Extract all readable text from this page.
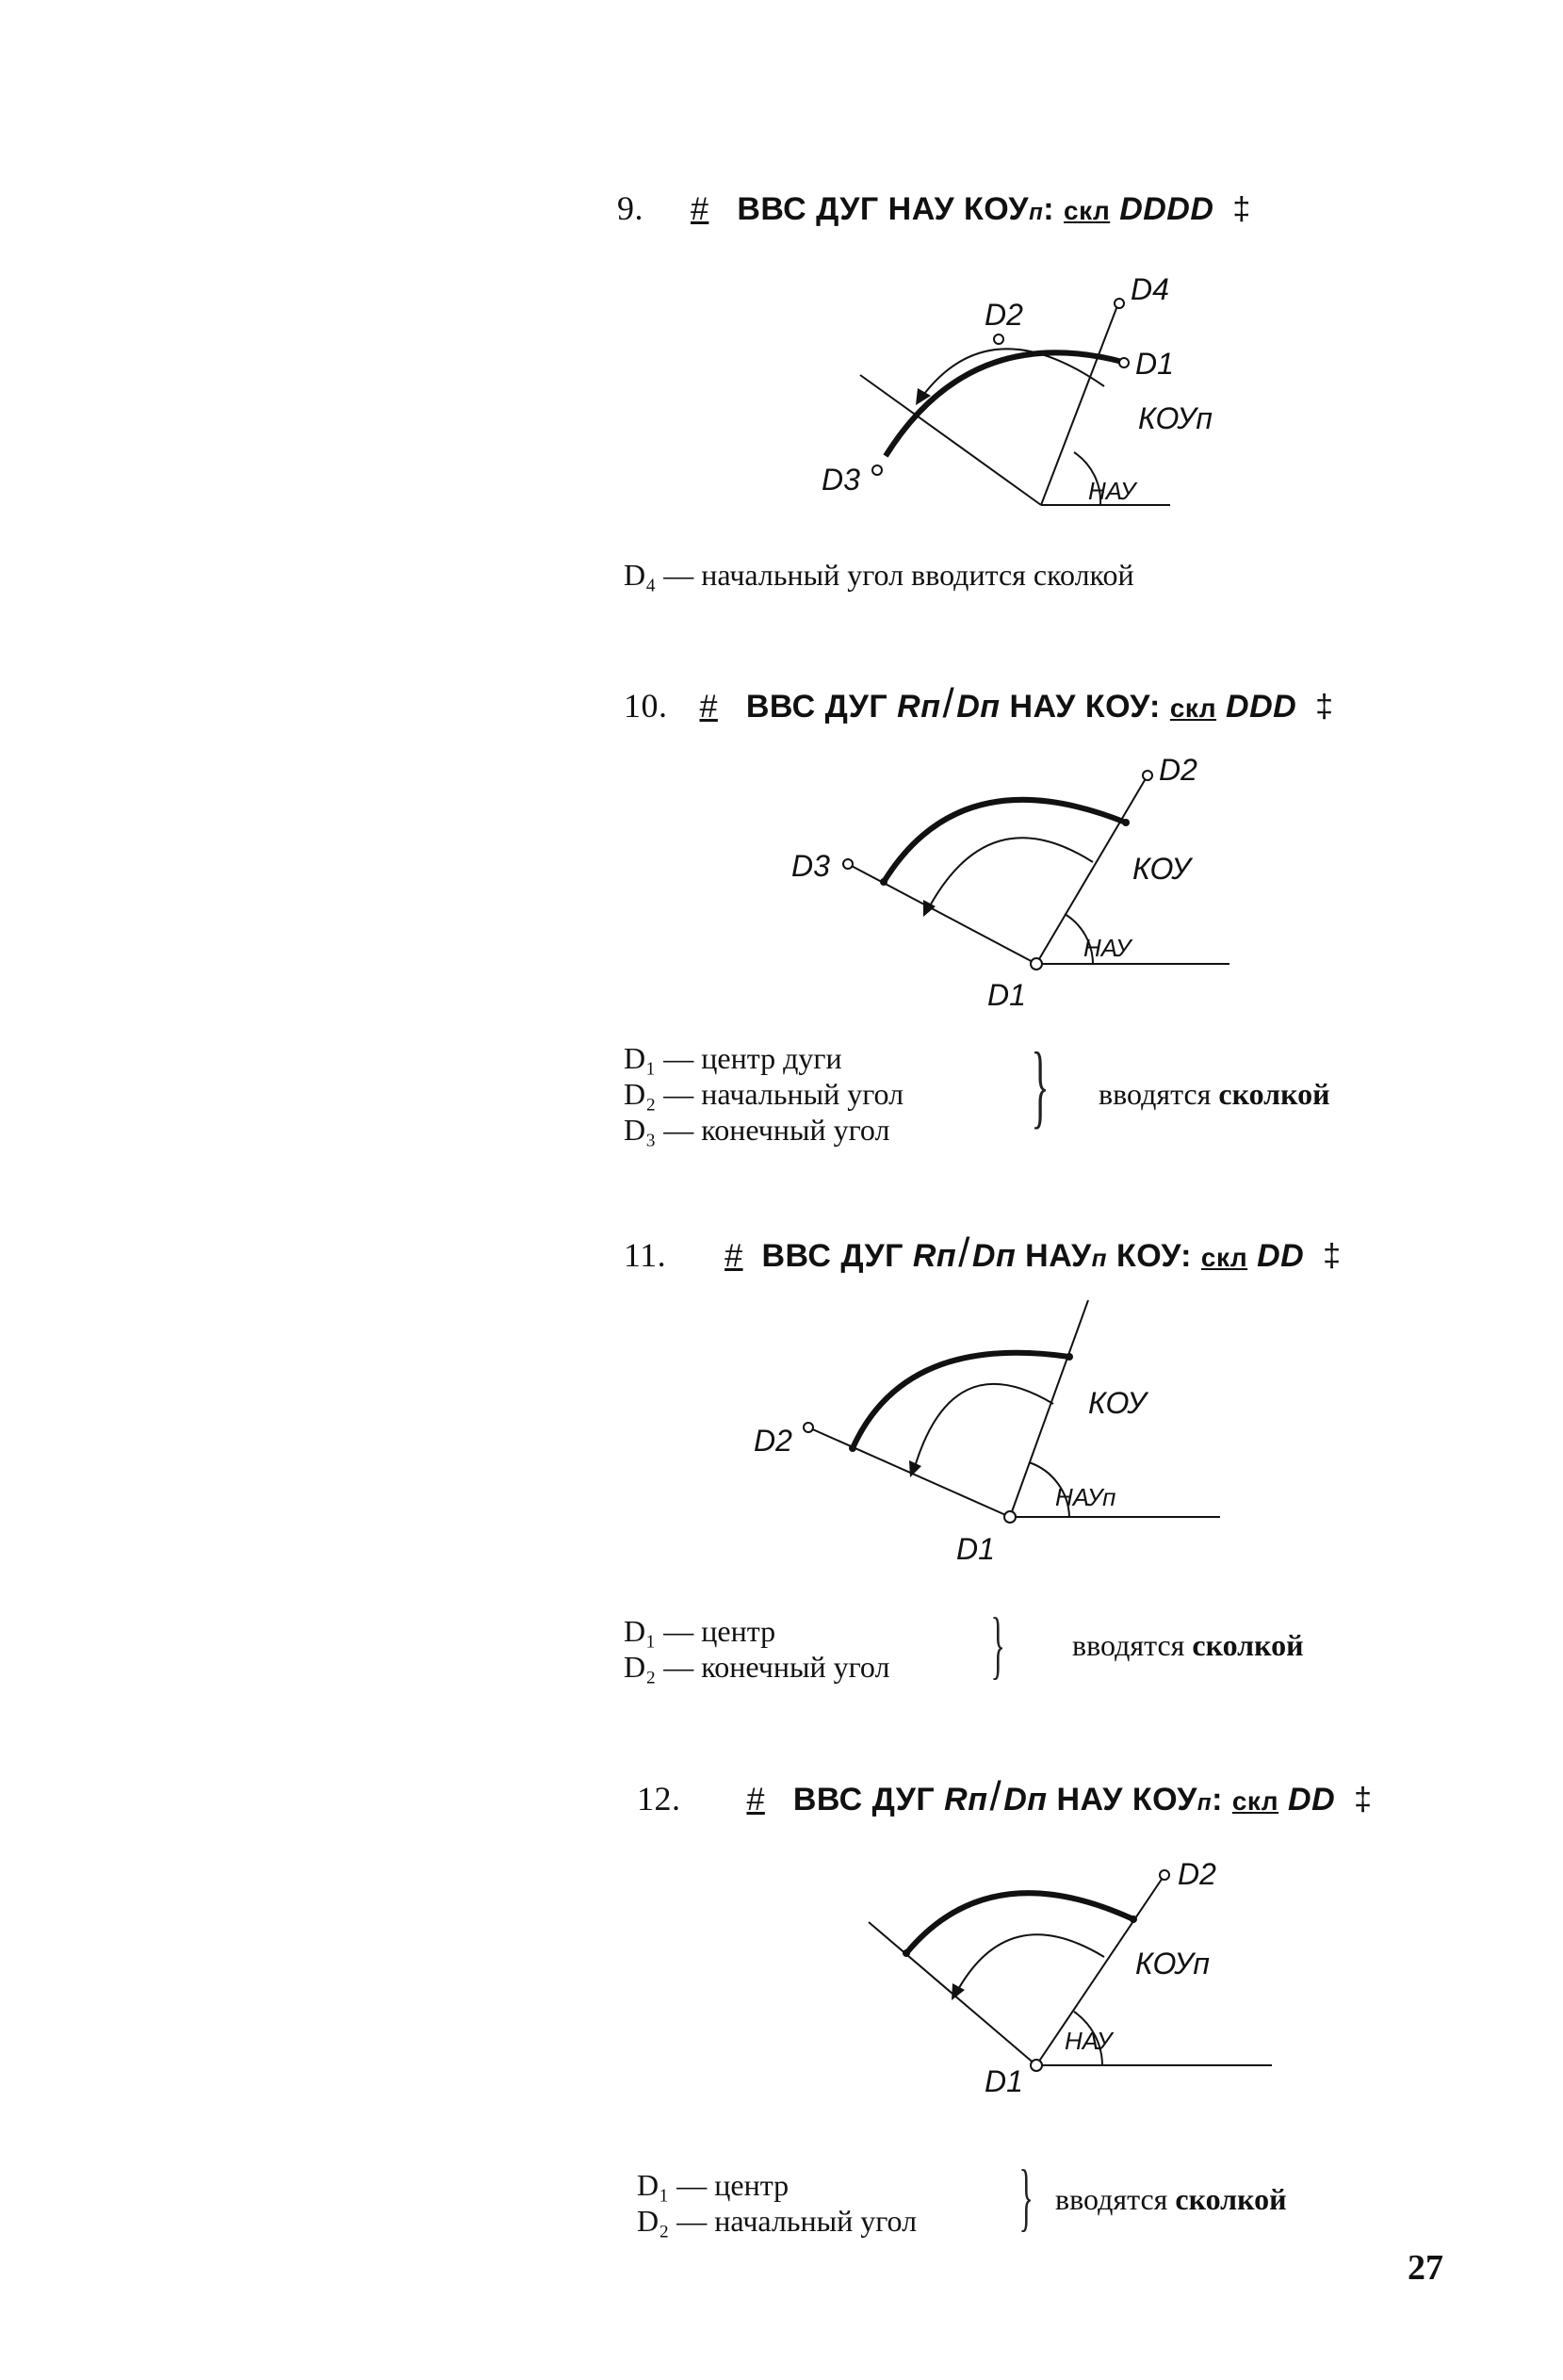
9. # ВВС ДУГ НАУ КОУп: скл DDDD ‡
D2
D4
D1
D3
КОУп
НАУ
D₄ — начальный угол вводится сколкой
10. # ВВС ДУГ Rп/Dп НАУ КОУ: скл DDD ‡
D2
D3
D1
КОУ
НАУ
D₁ — центр дуги
D₂ — начальный угол
D₃ — конечный угол } вводятся сколкой
11. # ВВС ДУГ Rп/Dп НАУп КОУ: скл DD ‡
D2
D1
КОУ
НАУп
D₁ — центр
D₂ — конечный угол } вводятся сколкой
12. # ВВС ДУГ Rп/Dп НАУ КОУп: скл DD ‡
D2
D1
КОУп
НАУ
D₁ — центр
D₂ — начальный угол } вводятся сколкой
27
